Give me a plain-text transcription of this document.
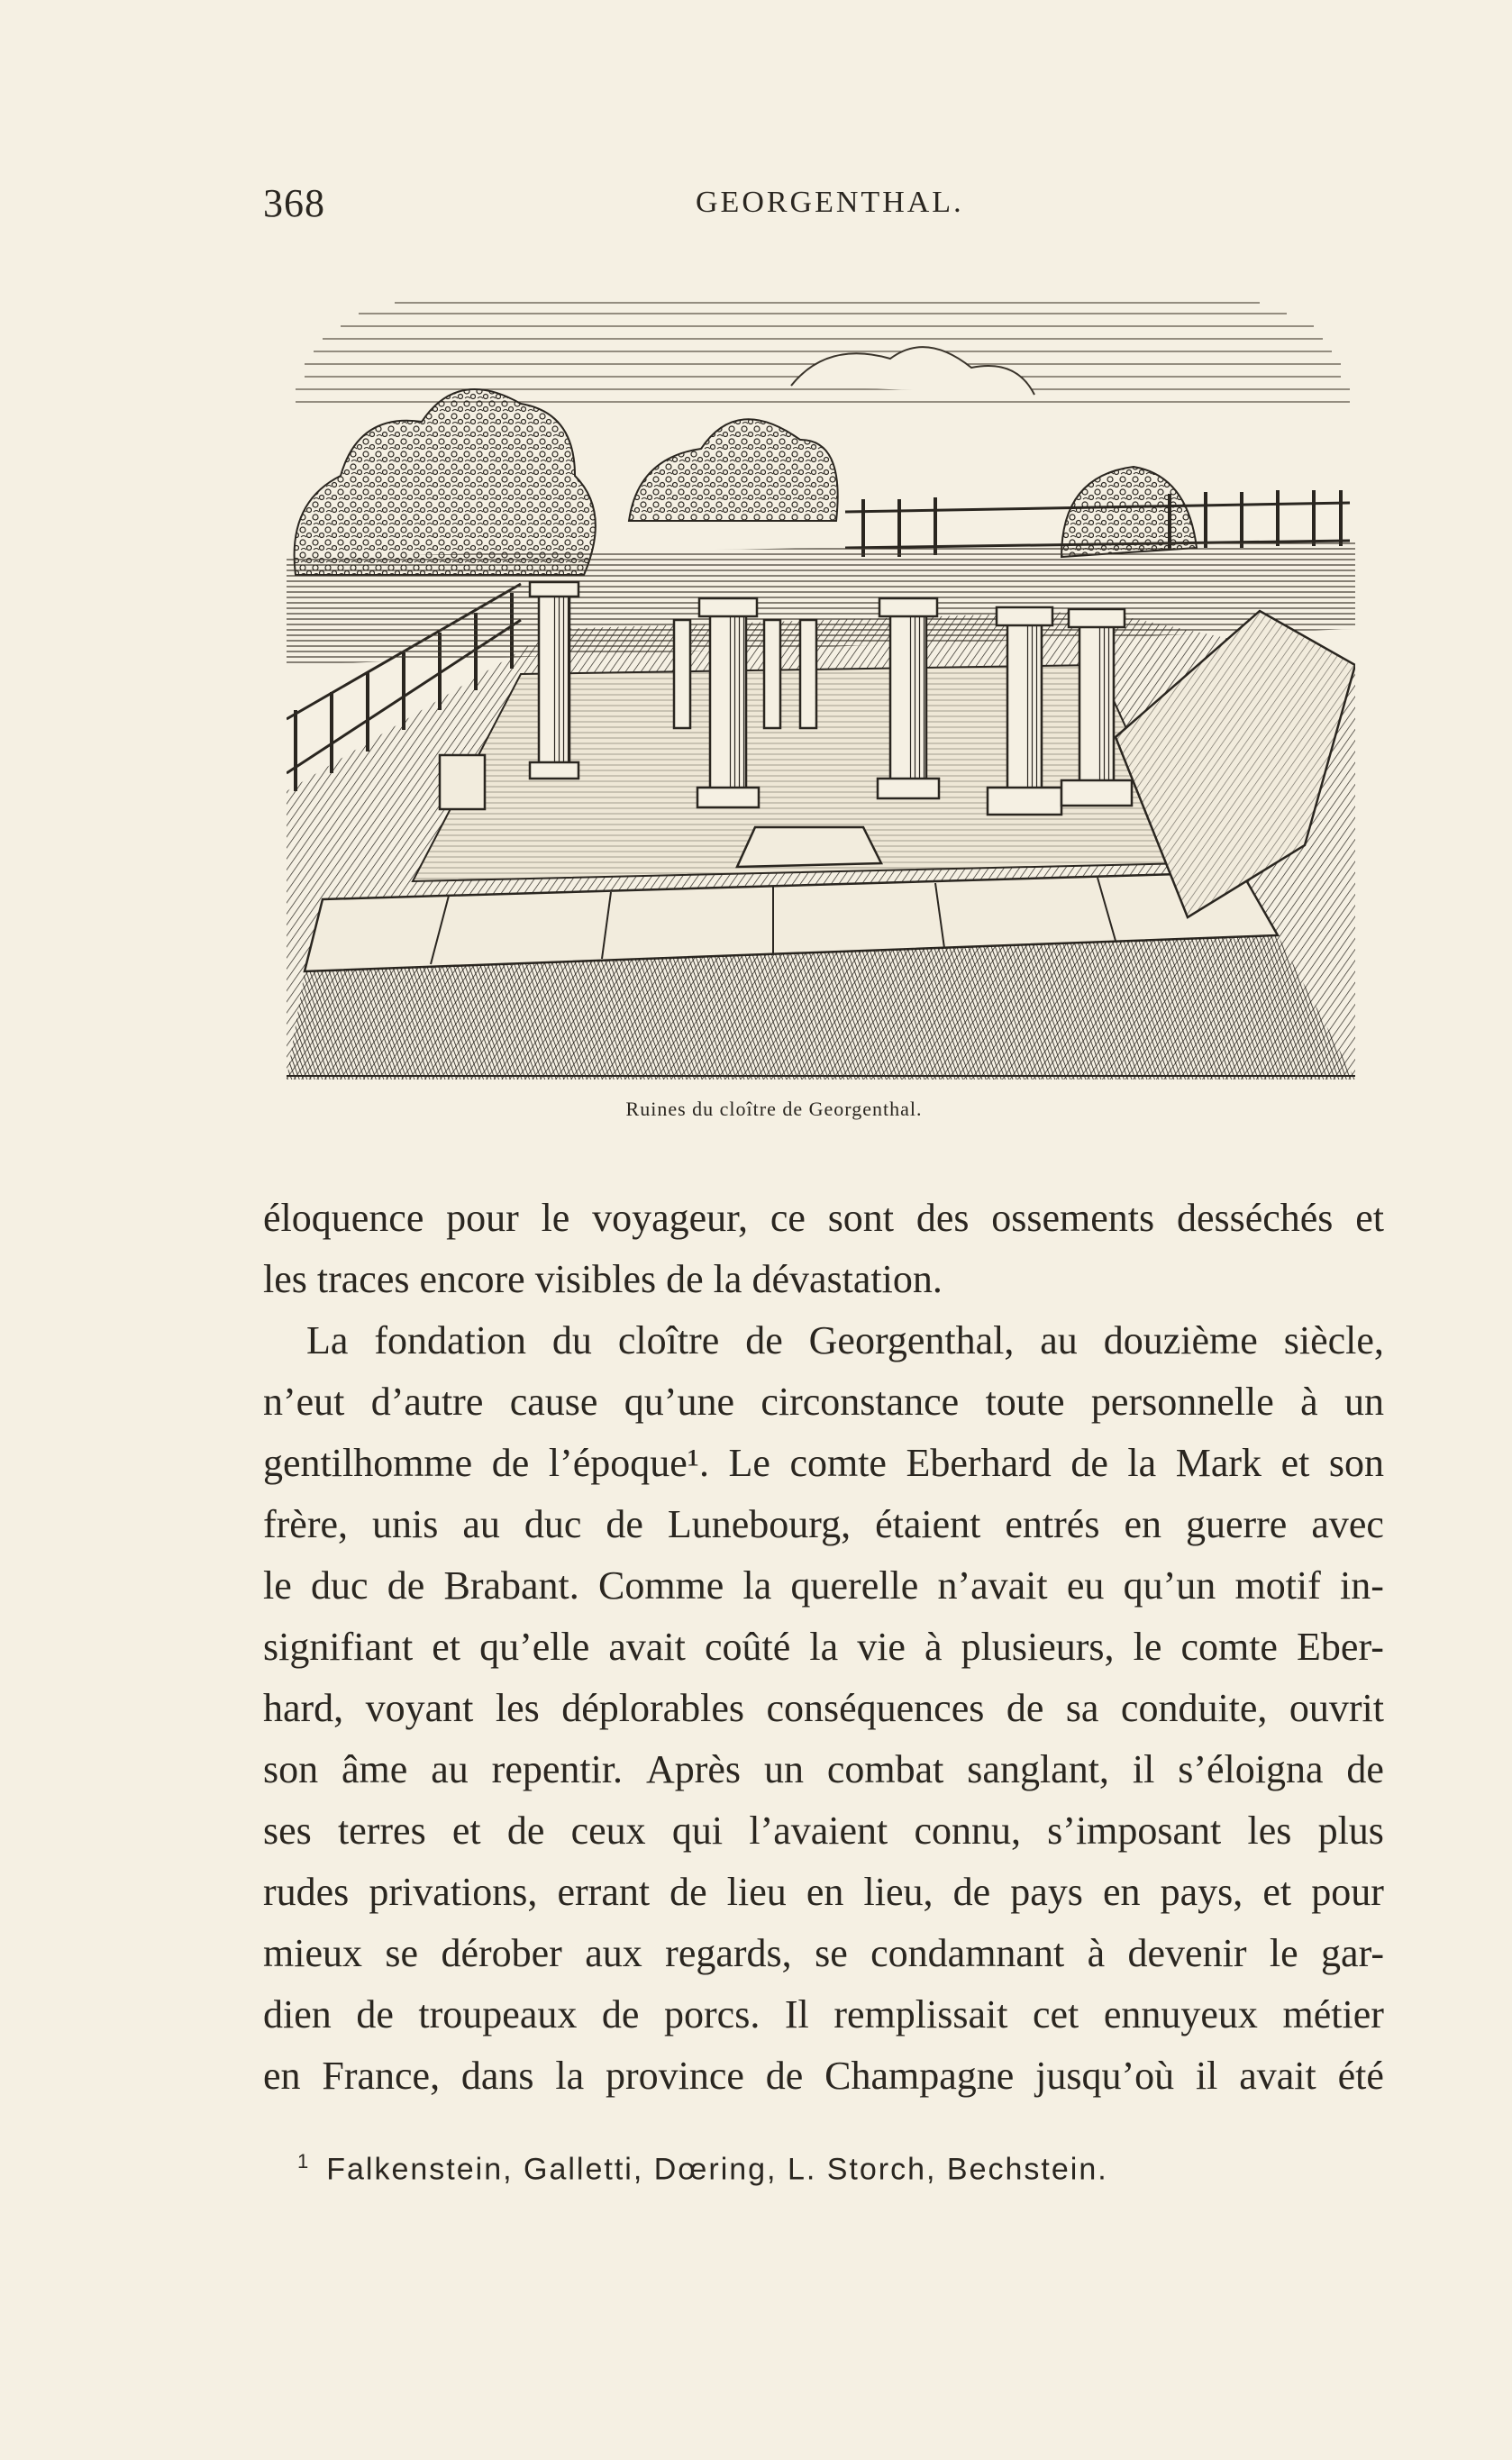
368	GEORGENTHAL.
Ruines du cloître de Georgenthal.
éloquence pour le voyageur, ce sont des ossements desséchés et
les traces encore visibles de la dévastation.
La fondation du cloître de Georgenthal, au douzième siècle,
n’eut d’autre cause qu’une circonstance toute personnelle à un
gentilhomme de l’époque¹. Le comte Eberhard de la Mark et son
frère, unis au duc de Lunebourg, étaient entrés en guerre avec
le duc de Brabant. Comme la querelle n’avait eu qu’un motif in-
signifiant et qu’elle avait coûté la vie à plusieurs, le comte Eber-
hard, voyant les déplorables conséquences de sa conduite, ouvrit
son âme au repentir. Après un combat sanglant, il s’éloigna de
ses terres et de ceux qui l’avaient connu, s’imposant les plus
rudes privations, errant de lieu en lieu, de pays en pays, et pour
mieux se dérober aux regards, se condamnant à devenir le gar-
dien de troupeaux de porcs. Il remplissait cet ennuyeux métier
en France, dans la province de Champagne jusqu’où il avait été
$^1$ Falkenstein, Galletti, Dœring, L. Storch, Bechstein.
